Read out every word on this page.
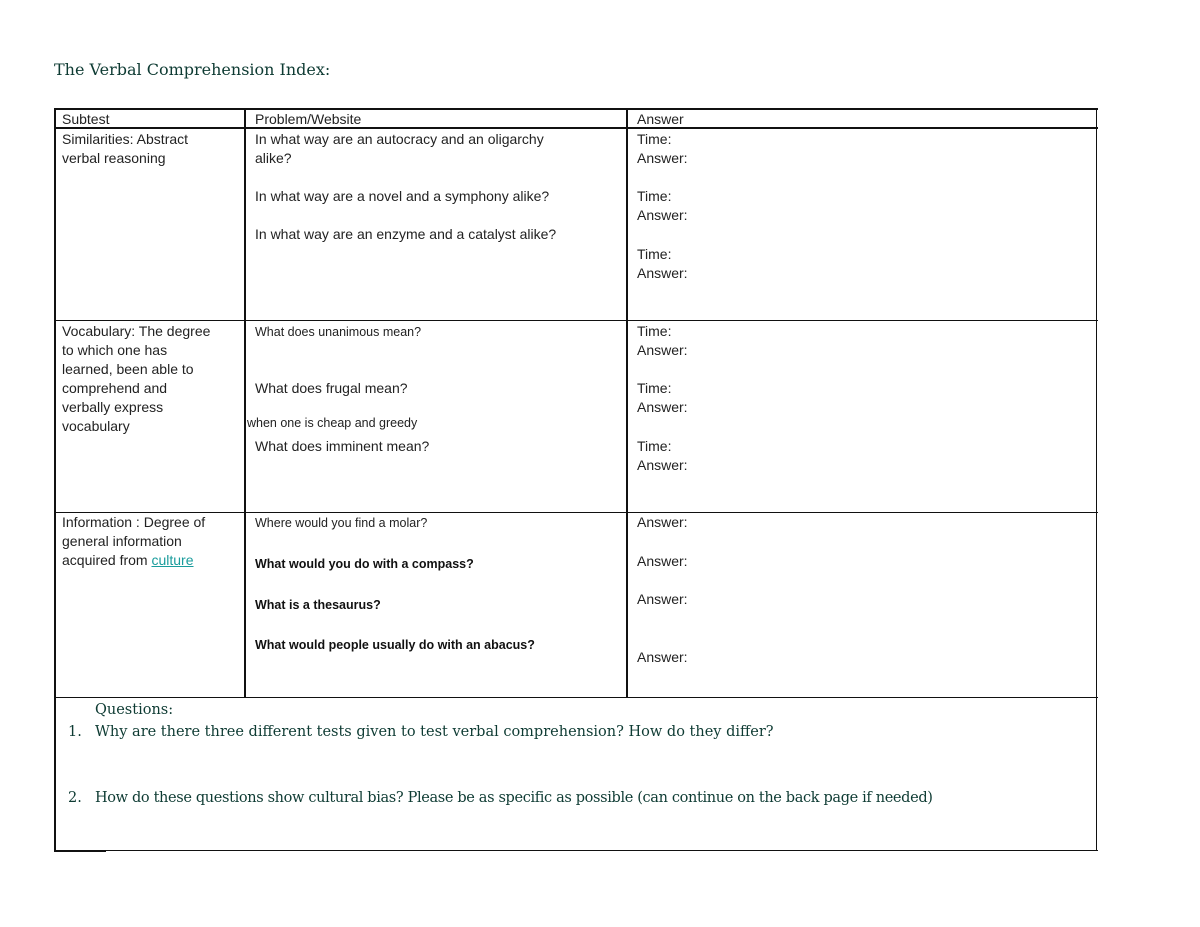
The Verbal Comprehension Index:
Subtest	Problem/Website	Answer
Similarities: Abstract
verbal reasoning
In what way are an autocracy and an oligarchy
alike?
In what way are a novel and a symphony alike?
In what way are an enzyme and a catalyst alike?
Time:
Answer:
Time:
Answer:
Time:
Answer:
Vocabulary: The degree
to which one has
learned, been able to
comprehend and
verbally express
vocabulary
What does unanimous mean?
What does frugal mean?
when one is cheap and greedy
What does imminent mean?
Time:
Answer:
Time:
Answer:
Time:
Answer:
Information : Degree of
general information
acquired from culture
Where would you find a molar?
What would you do with a compass?
What is a thesaurus?
What would people usually do with an abacus?
Answer:
Answer:
Answer:
Answer:
Questions:
1. Why are there three different tests given to test verbal comprehension? How do they differ?
2. How do these questions show cultural bias? Please be as specific as possible (can continue on the back page if needed)
